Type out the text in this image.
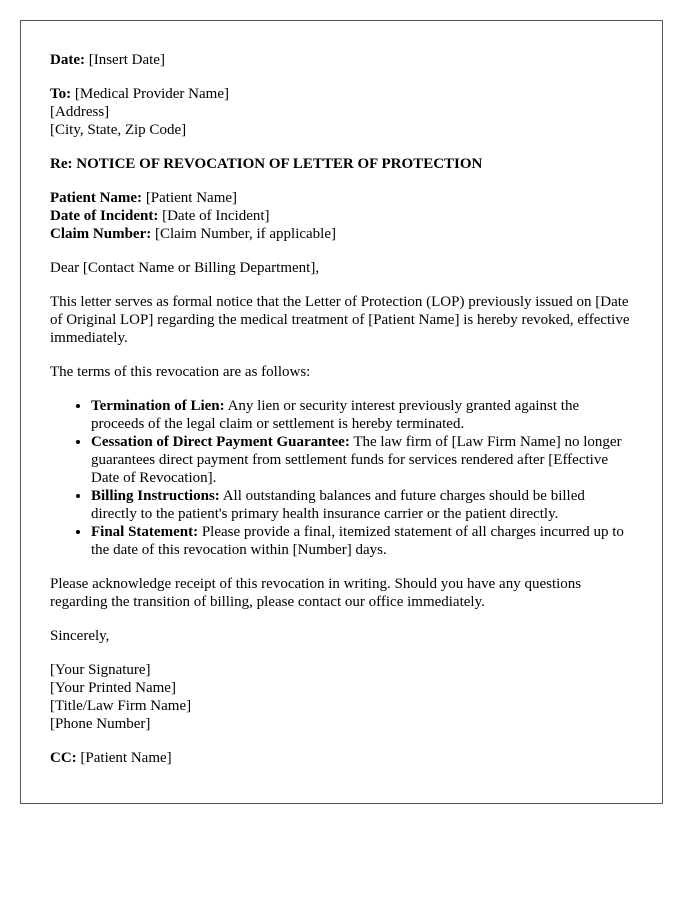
Date: [Insert Date]

To: [Medical Provider Name]
[Address]
[City, State, Zip Code]

Re: NOTICE OF REVOCATION OF LETTER OF PROTECTION

Patient Name: [Patient Name]
Date of Incident: [Date of Incident]
Claim Number: [Claim Number, if applicable]

Dear [Contact Name or Billing Department],

This letter serves as formal notice that the Letter of Protection (LOP) previously issued on [Date of Original LOP] regarding the medical treatment of [Patient Name] is hereby revoked, effective immediately.

The terms of this revocation are as follows:

• Termination of Lien: Any lien or security interest previously granted against the proceeds of the legal claim or settlement is hereby terminated.
• Cessation of Direct Payment Guarantee: The law firm of [Law Firm Name] no longer guarantees direct payment from settlement funds for services rendered after [Effective Date of Revocation].
• Billing Instructions: All outstanding balances and future charges should be billed directly to the patient's primary health insurance carrier or the patient directly.
• Final Statement: Please provide a final, itemized statement of all charges incurred up to the date of this revocation within [Number] days.

Please acknowledge receipt of this revocation in writing. Should you have any questions regarding the transition of billing, please contact our office immediately.

Sincerely,

[Your Signature]
[Your Printed Name]
[Title/Law Firm Name]
[Phone Number]

CC: [Patient Name]
